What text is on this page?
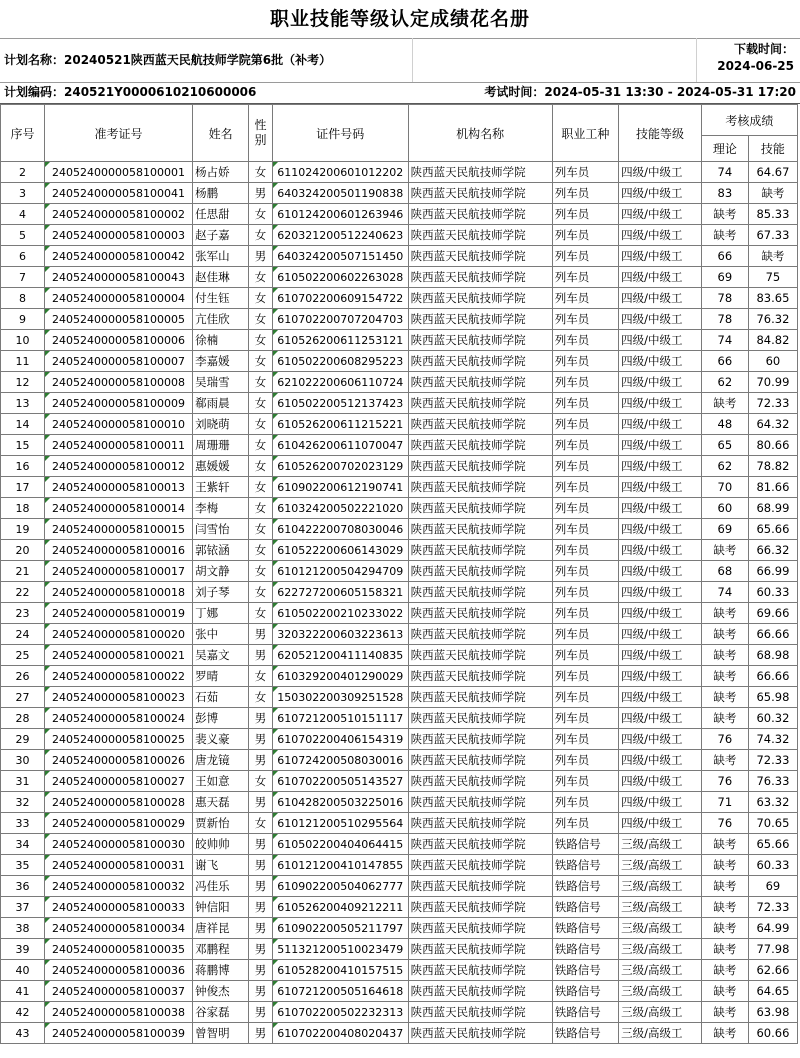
职业技能等级认定成绩花名册
计划名称：20240521陕西蓝天民航技师学院第6批（补考）
下载时间：
2024-06-25
计划编码：240521Y0000610210600006	考试时间：2024-05-31 13:30 - 2024-05-31 17:20
序号	准考证号	姓名	性别	证件号码	机构名称	职业工种	技能等级	考核成绩	
								理论	技能
2	2405240000058100001	杨占娇	女	611024200601012202	陕西蓝天民航技师学院	列车员	四级/中级工	74	64.67
3	2405240000058100041	杨鹏	男	640324200501190838	陕西蓝天民航技师学院	列车员	四级/中级工	83	缺考
4	2405240000058100002	任思甜	女	610124200601263946	陕西蓝天民航技师学院	列车员	四级/中级工	缺考	85.33
5	2405240000058100003	赵子嘉	女	620321200512240623	陕西蓝天民航技师学院	列车员	四级/中级工	缺考	67.33
6	2405240000058100042	张军山	男	640324200507151450	陕西蓝天民航技师学院	列车员	四级/中级工	66	缺考
7	2405240000058100043	赵佳琳	女	610502200602263028	陕西蓝天民航技师学院	列车员	四级/中级工	69	75
8	2405240000058100004	付生钰	女	610702200609154722	陕西蓝天民航技师学院	列车员	四级/中级工	78	83.65
9	2405240000058100005	亢佳欣	女	610702200707204703	陕西蓝天民航技师学院	列车员	四级/中级工	78	76.32
10	2405240000058100006	徐楠	女	610526200611253121	陕西蓝天民航技师学院	列车员	四级/中级工	74	84.82
11	2405240000058100007	李嘉媛	女	610502200608295223	陕西蓝天民航技师学院	列车员	四级/中级工	66	60
12	2405240000058100008	吴瑞雪	女	621022200606110724	陕西蓝天民航技师学院	列车员	四级/中级工	62	70.99
13	2405240000058100009	郗雨晨	女	610502200512137423	陕西蓝天民航技师学院	列车员	四级/中级工	缺考	72.33
14	2405240000058100010	刘晓萌	女	610526200611215221	陕西蓝天民航技师学院	列车员	四级/中级工	48	64.32
15	2405240000058100011	周珊珊	女	610426200611070047	陕西蓝天民航技师学院	列车员	四级/中级工	65	80.66
16	2405240000058100012	惠媛媛	女	610526200702023129	陕西蓝天民航技师学院	列车员	四级/中级工	62	78.82
17	2405240000058100013	王紫轩	女	610902200612190741	陕西蓝天民航技师学院	列车员	四级/中级工	70	81.66
18	2405240000058100014	李梅	女	610324200502221020	陕西蓝天民航技师学院	列车员	四级/中级工	60	68.99
19	2405240000058100015	闫雪怡	女	610422200708030046	陕西蓝天民航技师学院	列车员	四级/中级工	69	65.66
20	2405240000058100016	郭铱涵	女	610522200606143029	陕西蓝天民航技师学院	列车员	四级/中级工	缺考	66.32
21	2405240000058100017	胡文静	女	610121200504294709	陕西蓝天民航技师学院	列车员	四级/中级工	68	66.99
22	2405240000058100018	刘子琴	女	622727200605158321	陕西蓝天民航技师学院	列车员	四级/中级工	74	60.33
23	2405240000058100019	丁娜	女	610502200210233022	陕西蓝天民航技师学院	列车员	四级/中级工	缺考	69.66
24	2405240000058100020	张中	男	320322200603223613	陕西蓝天民航技师学院	列车员	四级/中级工	缺考	66.66
25	2405240000058100021	吴嘉文	男	620521200411140835	陕西蓝天民航技师学院	列车员	四级/中级工	缺考	68.98
26	2405240000058100022	罗晴	女	610329200401290029	陕西蓝天民航技师学院	列车员	四级/中级工	缺考	66.66
27	2405240000058100023	石茹	女	150302200309251528	陕西蓝天民航技师学院	列车员	四级/中级工	缺考	65.98
28	2405240000058100024	彭博	男	610721200510151117	陕西蓝天民航技师学院	列车员	四级/中级工	缺考	60.32
29	2405240000058100025	裴义豪	男	610702200406154319	陕西蓝天民航技师学院	列车员	四级/中级工	76	74.32
30	2405240000058100026	唐龙镜	男	610724200508030016	陕西蓝天民航技师学院	列车员	四级/中级工	缺考	72.33
31	2405240000058100027	王如意	女	610702200505143527	陕西蓝天民航技师学院	列车员	四级/中级工	76	76.33
32	2405240000058100028	惠天磊	男	610428200503225016	陕西蓝天民航技师学院	列车员	四级/中级工	71	63.32
33	2405240000058100029	贾新怡	女	610121200510295564	陕西蓝天民航技师学院	列车员	四级/中级工	76	70.65
34	2405240000058100030	皎帅帅	男	610502200404064415	陕西蓝天民航技师学院	铁路信号	三级/高级工	缺考	65.66
35	2405240000058100031	谢飞	男	610121200410147855	陕西蓝天民航技师学院	铁路信号	三级/高级工	缺考	60.33
36	2405240000058100032	冯佳乐	男	610902200504062777	陕西蓝天民航技师学院	铁路信号	三级/高级工	缺考	69
37	2405240000058100033	钟信阳	男	610526200409212211	陕西蓝天民航技师学院	铁路信号	三级/高级工	缺考	72.33
38	2405240000058100034	唐祥昆	男	610902200505211797	陕西蓝天民航技师学院	铁路信号	三级/高级工	缺考	64.99
39	2405240000058100035	邓鹏程	男	511321200510023479	陕西蓝天民航技师学院	铁路信号	三级/高级工	缺考	77.98
40	2405240000058100036	蒋鹏博	男	610528200410157515	陕西蓝天民航技师学院	铁路信号	三级/高级工	缺考	62.66
41	2405240000058100037	钟俊杰	男	610721200505164618	陕西蓝天民航技师学院	铁路信号	三级/高级工	缺考	64.65
42	2405240000058100038	谷家磊	男	610702200502232313	陕西蓝天民航技师学院	铁路信号	三级/高级工	缺考	63.98
43	2405240000058100039	曾智明	男	610702200408020437	陕西蓝天民航技师学院	铁路信号	三级/高级工	缺考	60.66
